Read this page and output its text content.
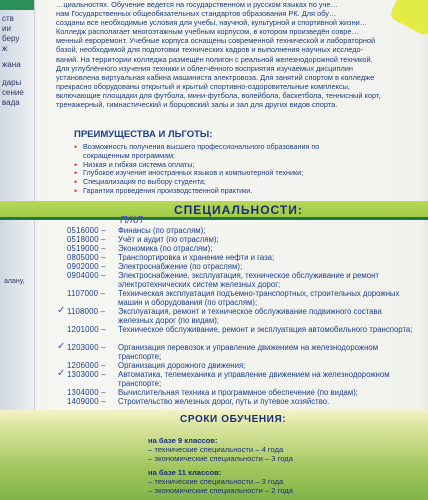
ств
ии
берy
ж
жана
дары
сение
вада
алану,

…циальностях. Обучение ведется на государственном и русском языках по уче…

нам Государственных общеобязательных стандартов образования РК. Для обу…

созданы все необходимые условия для учебы, научной, культурной и спортивной жизни…

Колледж располагает многоэтажным учебным корпусом, в котором произведён совре…

менный евроремонт. Учебные корпуса оснащены современной технической и лабораторной

базой, необходимой для подготовки технических кадров и выполнения научных исследо-

ваний. На территории колледжа размещён полигон с реальной железнодорожной техникой.

Для углублённого изучения техники и облегчённого восприятия изучаемых дисциплин

установлена виртуальная кабина машиниста электровоза. Для занятий спортом в колледже

прекрасно оборудованы открытый и крытый спортивно-оздоровительные комплексы,

включающие площадки для футбола, мини-футбола, волейбола, баскетбола, теннисный корт,

тренажерный, гимнастический и борцовский залы и зал для других видов спорта.

ПРЕИМУЩЕСТВА И ЛЬГОТЫ:
• Возможность получения высшего профессионального образования по сокращенным программам;
• Низкая и гибкая система оплаты;
• Глубокое изучение иностранных языков и компьютерной техники;
• Специализация по выбору студента;
• Гарантия проведения производственной практики.
СПЕЦИАЛЬНОСТИ:
П/КЛ
0516000 –	Финансы (по отраслям);
0518000 –	Учёт и аудит (по отраслям);
0519000 –	Экономика (по отраслям);
0805000 –	Транспортировка и хранение нефти и газа;
0902000 –	Электроснабжение (по отраслям);
0904000 –	Электроснабжение, эксплуатация, техническое обслуживание и ремонт электротехнических систем железных дорог;
1107000 –	Техническая эксплуатация подъемно-транспортных, строительных дорожных машин и оборудования (по отраслям);
✓ 1108000 –	Эксплуатация, ремонт и техническое обслуживание подвижного состава железных дорог (по видам);
1201000 –	Техническое обслуживание, ремонт и эксплуатация автомобильного транспорта;
✓ 1203000 –	Организация перевозок и управление движением на железнодорожном транспорте;
1206000 –	Организация дорожного движения;
✓ 1303000 –	Автоматика, телемеханика и управление движением на железнодорожном транспорте;
1304000 –	Вычислительная техника и программное обеспечение (по видам);
1409000 –	Строительство железных дорог, путь и путевое хозяйство.
СРОКИ ОБУЧЕНИЯ:
на базе 9 классов:
– технические специальности – 4 года
– экономические специальности – 3 года
на базе 11 классов:
– технические специальности – 3 года
– экономические специальности – 2 года
